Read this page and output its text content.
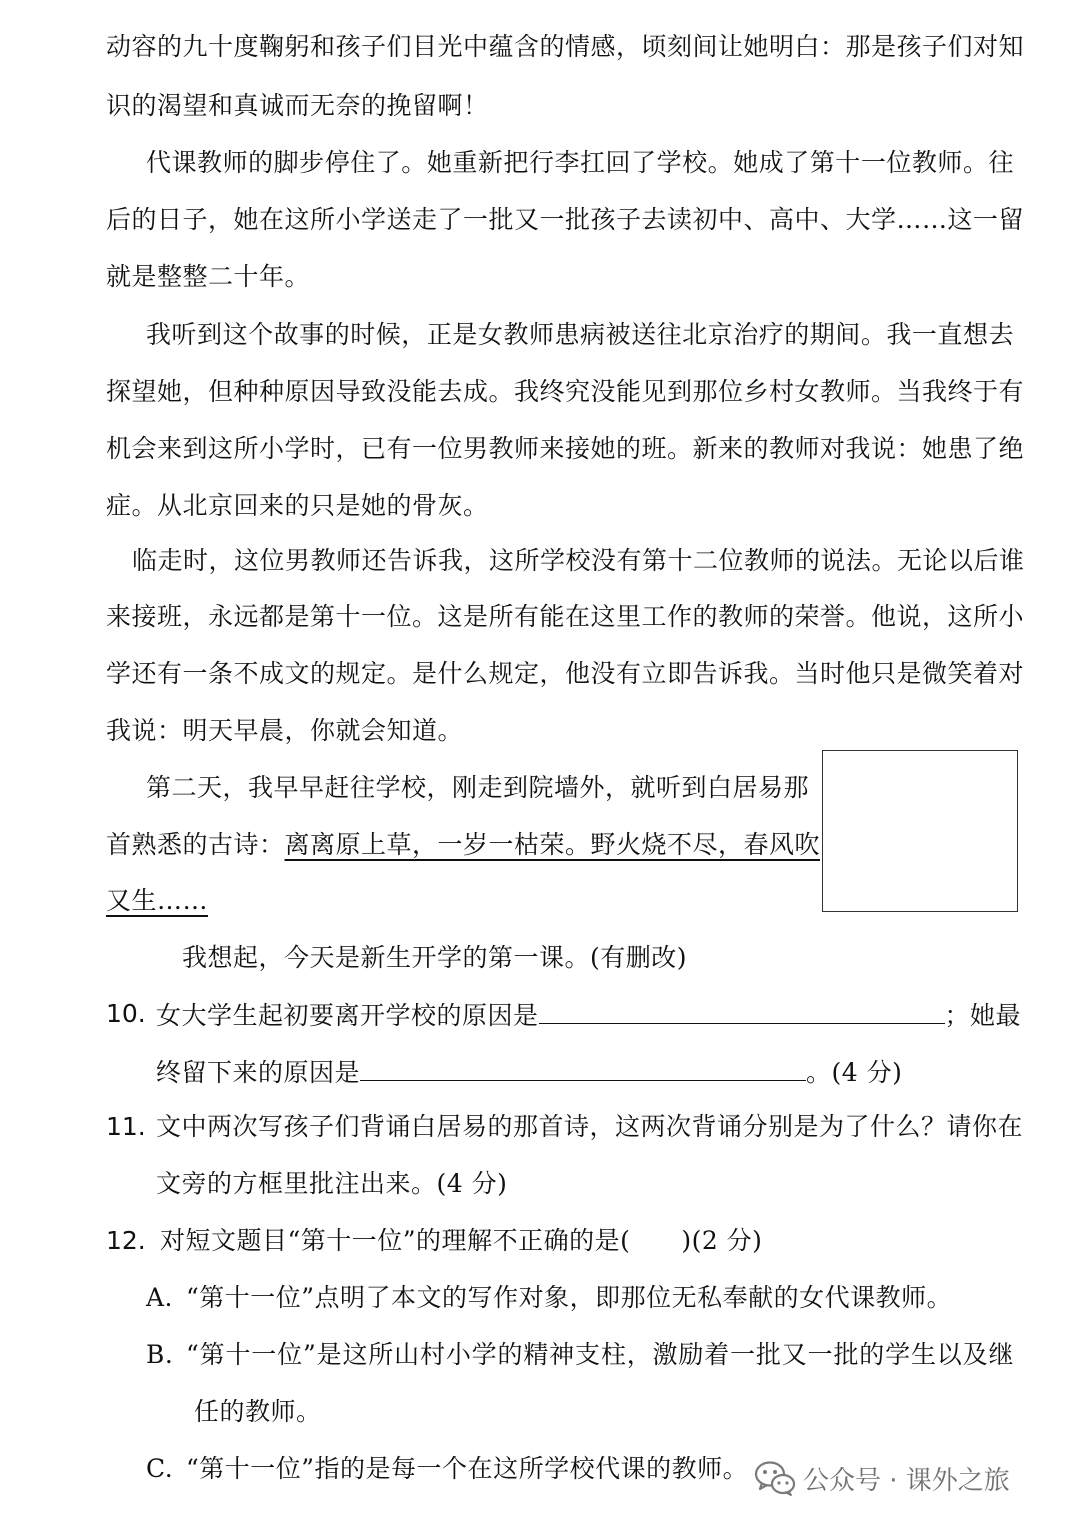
动容的九十度鞠躬和孩子们目光中蕴含的情感，顷刻间让她明白：那是孩子们对知
识的渴望和真诚而无奈的挽留啊！
代课教师的脚步停住了。她重新把行李扛回了学校。她成了第十一位教师。往
后的日子，她在这所小学送走了一批又一批孩子去读初中、高中、大学……这一留
就是整整二十年。
我听到这个故事的时候，正是女教师患病被送往北京治疗的期间。我一直想去
探望她，但种种原因导致没能去成。我终究没能见到那位乡村女教师。当我终于有
机会来到这所小学时，已有一位男教师来接她的班。新来的教师对我说：她患了绝
症。从北京回来的只是她的骨灰。
临走时，这位男教师还告诉我，这所学校没有第十二位教师的说法。无论以后谁
来接班，永远都是第十一位。这是所有能在这里工作的教师的荣誉。他说，这所小
学还有一条不成文的规定。是什么规定，他没有立即告诉我。当时他只是微笑着对
我说：明天早晨，你就会知道。
第二天，我早早赶往学校，刚走到院墙外，就听到白居易那
首熟悉的古诗：离离原上草，一岁一枯荣。野火烧不尽，春风吹
又生……
我想起，今天是新生开学的第一课。(有删改)
10. 女大学生起初要离开学校的原因是	；她最
终留下来的原因是	。(4 分)
11. 文中两次写孩子们背诵白居易的那首诗，这两次背诵分别是为了什么？请你在
文旁的方框里批注出来。(4 分)
12. 对短文题目“第十一位”的理解不正确的是(　　)(2 分)
A. “第十一位”点明了本文的写作对象，即那位无私奉献的女代课教师。
B. “第十一位”是这所山村小学的精神支柱，激励着一批又一批的学生以及继
任的教师。
C. “第十一位”指的是每一个在这所学校代课的教师。 公众号 · 课外之旅
